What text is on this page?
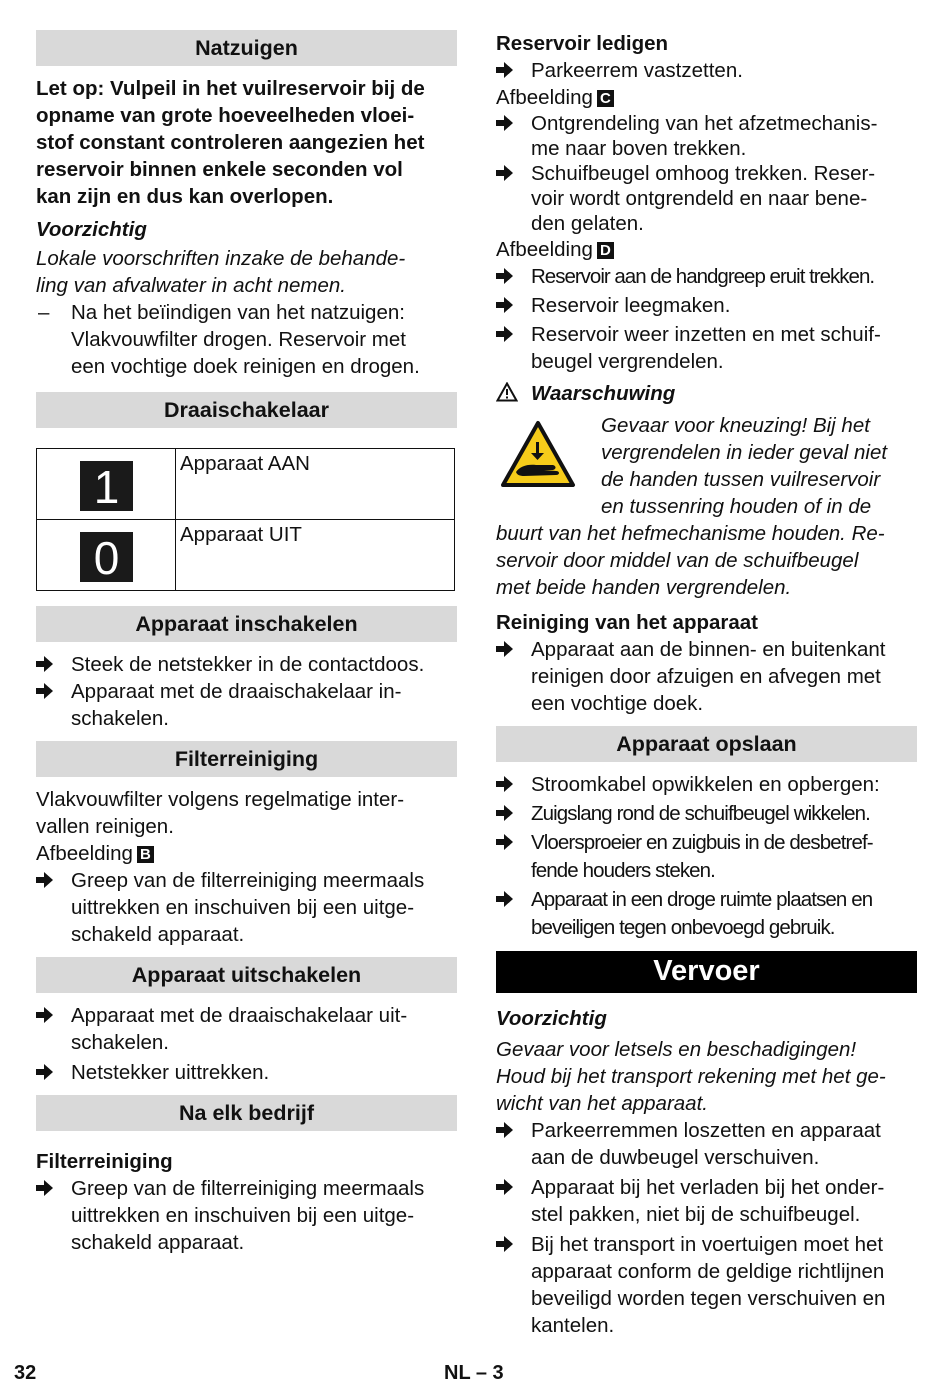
Natzuigen

Let op: Vulpeil in het vuilreservoir bij de

opname van grote hoeveelheden vloei-

stof constant controleren aangezien het

reservoir binnen enkele seconden vol

kan zijn en dus kan overlopen.

Voorzichtig

Lokale voorschriften inzake de behande-

ling van afvalwater in acht nemen.

– Na het beïindigen van het natzuigen:

Vlakvouwfilter drogen. Reservoir met

een vochtige doek reinigen en drogen.

Draaischakelaar
1	Apparaat AAN

0	Apparaat UIT
Apparaat inschakelen

Steek de netstekker in de contactdoos.

Apparaat met de draaischakelaar in-

schakelen.

Filterreiniging

Vlakvouwfilter volgens regelmatige inter-

vallen reinigen.

Afbeelding B

Greep van de filterreiniging meermaals

uittrekken en inschuiven bij een uitge-

schakeld apparaat.

Apparaat uitschakelen

Apparaat met de draaischakelaar uit-

schakelen.

Netstekker uittrekken.

Na elk bedrijf

Filterreiniging

Greep van de filterreiniging meermaals

uittrekken en inschuiven bij een uitge-

schakeld apparaat.

Reservoir ledigen

Parkeerrem vastzetten.

Afbeelding C

Ontgrendeling van het afzetmechanis-

me naar boven trekken.

Schuifbeugel omhoog trekken. Reser-

voir wordt ontgrendeld en naar bene-

den gelaten.

Afbeelding D

Reservoir aan de handgreep eruit trekken.

Reservoir leegmaken.

Reservoir weer inzetten en met schuif-

beugel vergrendelen.

Waarschuwing

Gevaar voor kneuzing! Bij het

vergrendelen in ieder geval niet

de handen tussen vuilreservoir

en tussenring houden of in de

buurt van het hefmechanisme houden. Re-

servoir door middel van de schuifbeugel

met beide handen vergrendelen.

Reiniging van het apparaat

Apparaat aan de binnen- en buitenkant

reinigen door afzuigen en afvegen met

een vochtige doek.

Apparaat opslaan

Stroomkabel opwikkelen en opbergen:

Zuigslang rond de schuifbeugel wikkelen.

Vloersproeier en zuigbuis in de desbetref-

fende houders steken.

Apparaat in een droge ruimte plaatsen en

beveiligen tegen onbevoegd gebruik.

Vervoer

Voorzichtig

Gevaar voor letsels en beschadigingen!

Houd bij het transport rekening met het ge-

wicht van het apparaat.

Parkeerremmen loszetten en apparaat

aan de duwbeugel verschuiven.

Apparaat bij het verladen bij het onder-

stel pakken, niet bij de schuifbeugel.

Bij het transport in voertuigen moet het

apparaat conform de geldige richtlijnen

beveiligd worden tegen verschuiven en

kantelen.

32	NL – 3
